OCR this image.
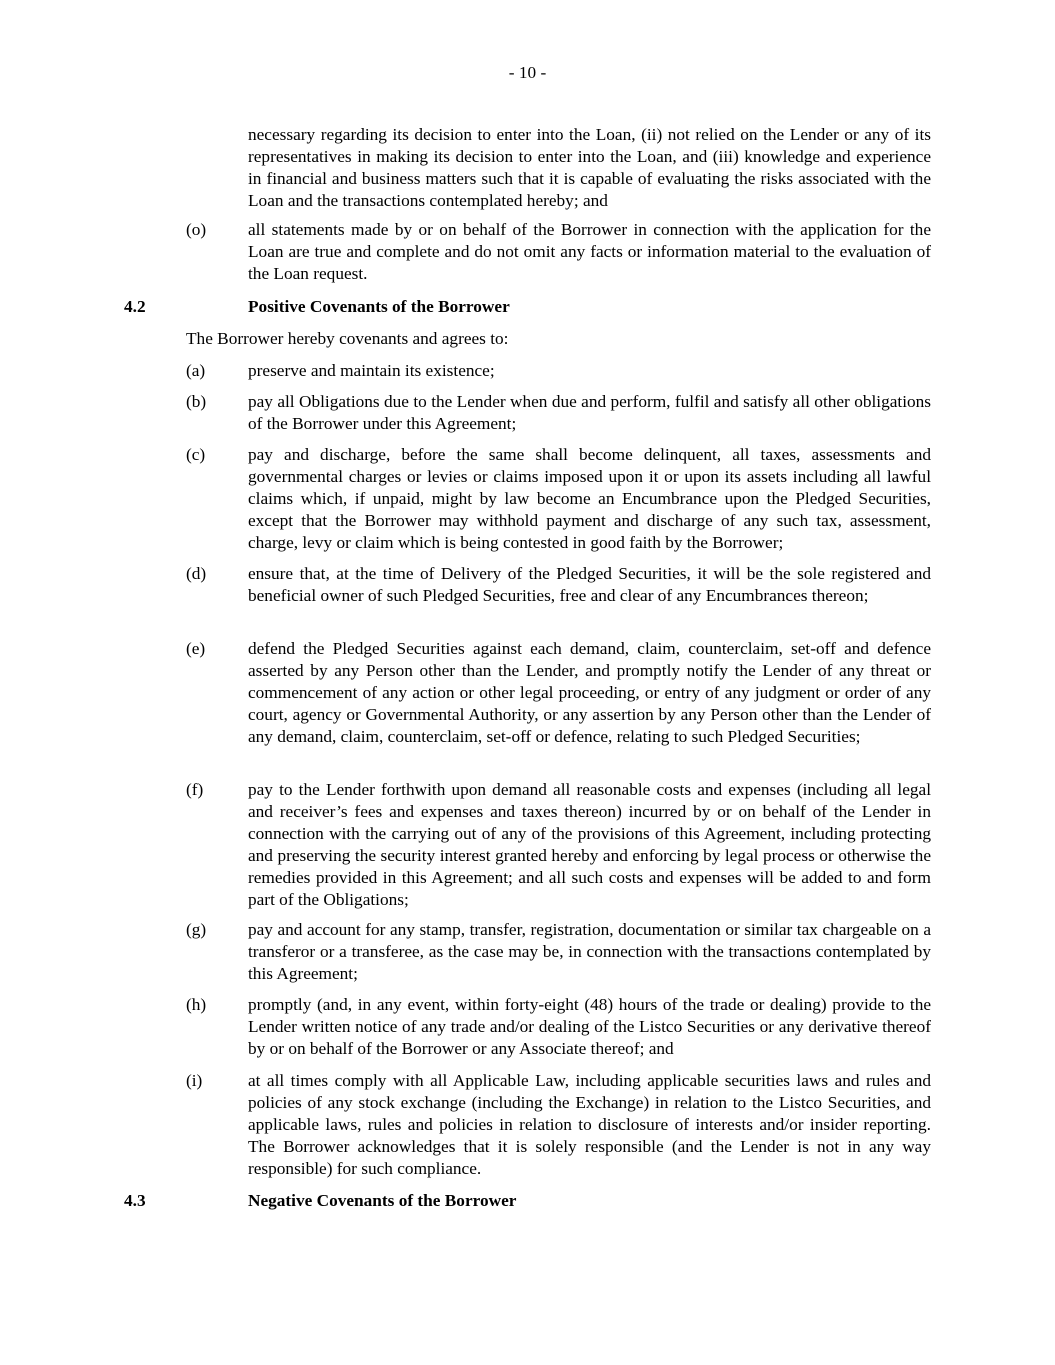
- 10 -
necessary regarding its decision to enter into the Loan, (ii) not relied on the Lender or any of its representatives in making its decision to enter into the Loan, and (iii) knowledge and experience in financial and business matters such that it is capable of evaluating the risks associated with the Loan and the transactions contemplated hereby; and
(o) all statements made by or on behalf of the Borrower in connection with the application for the Loan are true and complete and do not omit any facts or information material to the evaluation of the Loan request.
4.2	Positive Covenants of the Borrower
The Borrower hereby covenants and agrees to:
(a) preserve and maintain its existence;
(b) pay all Obligations due to the Lender when due and perform, fulfil and satisfy all other obligations of the Borrower under this Agreement;
(c) pay and discharge, before the same shall become delinquent, all taxes, assessments and governmental charges or levies or claims imposed upon it or upon its assets including all lawful claims which, if unpaid, might by law become an Encumbrance upon the Pledged Securities, except that the Borrower may withhold payment and discharge of any such tax, assessment, charge, levy or claim which is being contested in good faith by the Borrower;
(d) ensure that, at the time of Delivery of the Pledged Securities, it will be the sole registered and beneficial owner of such Pledged Securities, free and clear of any Encumbrances thereon;
(e) defend the Pledged Securities against each demand, claim, counterclaim, set-off and defence asserted by any Person other than the Lender, and promptly notify the Lender of any threat or commencement of any action or other legal proceeding, or entry of any judgment or order of any court, agency or Governmental Authority, or any assertion by any Person other than the Lender of any demand, claim, counterclaim, set-off or defence, relating to such Pledged Securities;
(f)	pay to the Lender forthwith upon demand all reasonable costs and expenses (including all legal and receiver’s fees and expenses and taxes thereon) incurred by or on behalf of the Lender in connection with the carrying out of any of the provisions of this Agreement, including protecting and preserving the security interest granted hereby and enforcing by legal process or otherwise the remedies provided in this Agreement; and all such costs and expenses will be added to and form part of the Obligations;
(g) pay and account for any stamp, transfer, registration, documentation or similar tax chargeable on a transferor or a transferee, as the case may be, in connection with the transactions contemplated by this Agreement;
(h) promptly (and, in any event, within forty-eight (48) hours of the trade or dealing) provide to the Lender written notice of any trade and/or dealing of the Listco Securities or any derivative thereof by or on behalf of the Borrower or any Associate thereof; and
(i)	at all times comply with all Applicable Law, including applicable securities laws and rules and policies of any stock exchange (including the Exchange) in relation to the Listco Securities, and applicable laws, rules and policies in relation to disclosure of interests and/or insider reporting. The Borrower acknowledges that it is solely responsible (and the Lender is not in any way responsible) for such compliance.
4.3	Negative Covenants of the Borrower
